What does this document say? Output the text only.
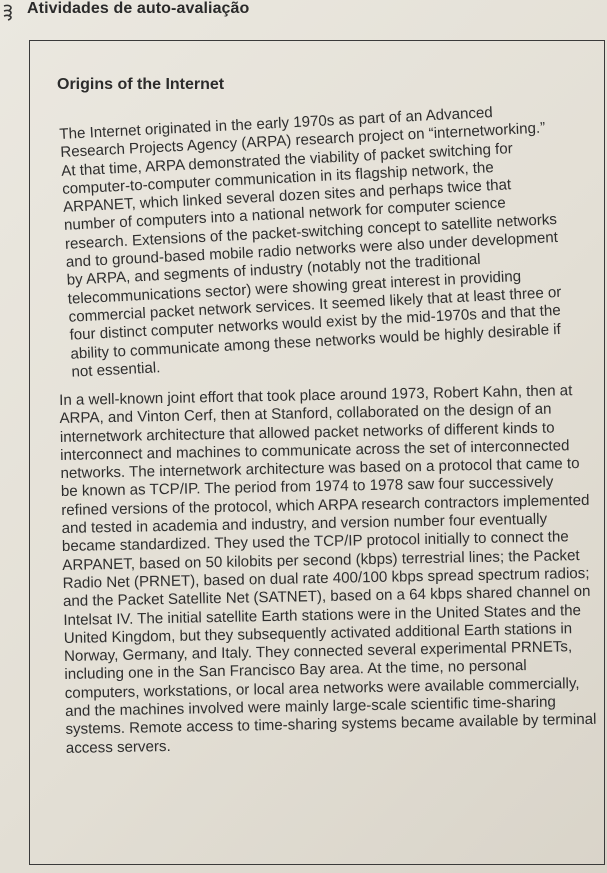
Atividades de auto-avaliação
Origins of the Internet

The Internet originated in the early 1970s as part of an Advanced Research Projects Agency (ARPA) research project on “internetworking.” At that time, ARPA demonstrated the viability of packet switching for computer-to-computer communication in its flagship network, the ARPANET, which linked several dozen sites and perhaps twice that number of computers into a national network for computer science research. Extensions of the packet-switching concept to satellite networks and to ground-based mobile radio networks were also under development by ARPA, and segments of industry (notably not the traditional telecommunications sector) were showing great interest in providing commercial packet network services. It seemed likely that at least three or four distinct computer networks would exist by the mid-1970s and that the ability to communicate among these networks would be highly desirable if not essential.

In a well-known joint effort that took place around 1973, Robert Kahn, then at ARPA, and Vinton Cerf, then at Stanford, collaborated on the design of an internetwork architecture that allowed packet networks of different kinds to interconnect and machines to communicate across the set of interconnected networks. The internetwork architecture was based on a protocol that came to be known as TCP/IP. The period from 1974 to 1978 saw four successively refined versions of the protocol, which ARPA research contractors implemented and tested in academia and industry, and version number four eventually became standardized. They used the TCP/IP protocol initially to connect the ARPANET, based on 50 kilobits per second (kbps) terrestrial lines; the Packet Radio Net (PRNET), based on dual rate 400/100 kbps spread spectrum radios; and the Packet Satellite Net (SATNET), based on a 64 kbps shared channel on Intelsat IV. The initial satellite Earth stations were in the United States and the United Kingdom, but they subsequently activated additional Earth stations in Norway, Germany, and Italy. They connected several experimental PRNETs, including one in the San Francisco Bay area. At the time, no personal computers, workstations, or local area networks were available commercially, and the machines involved were mainly large-scale scientific time-sharing systems. Remote access to time-sharing systems became available by terminal access servers.
